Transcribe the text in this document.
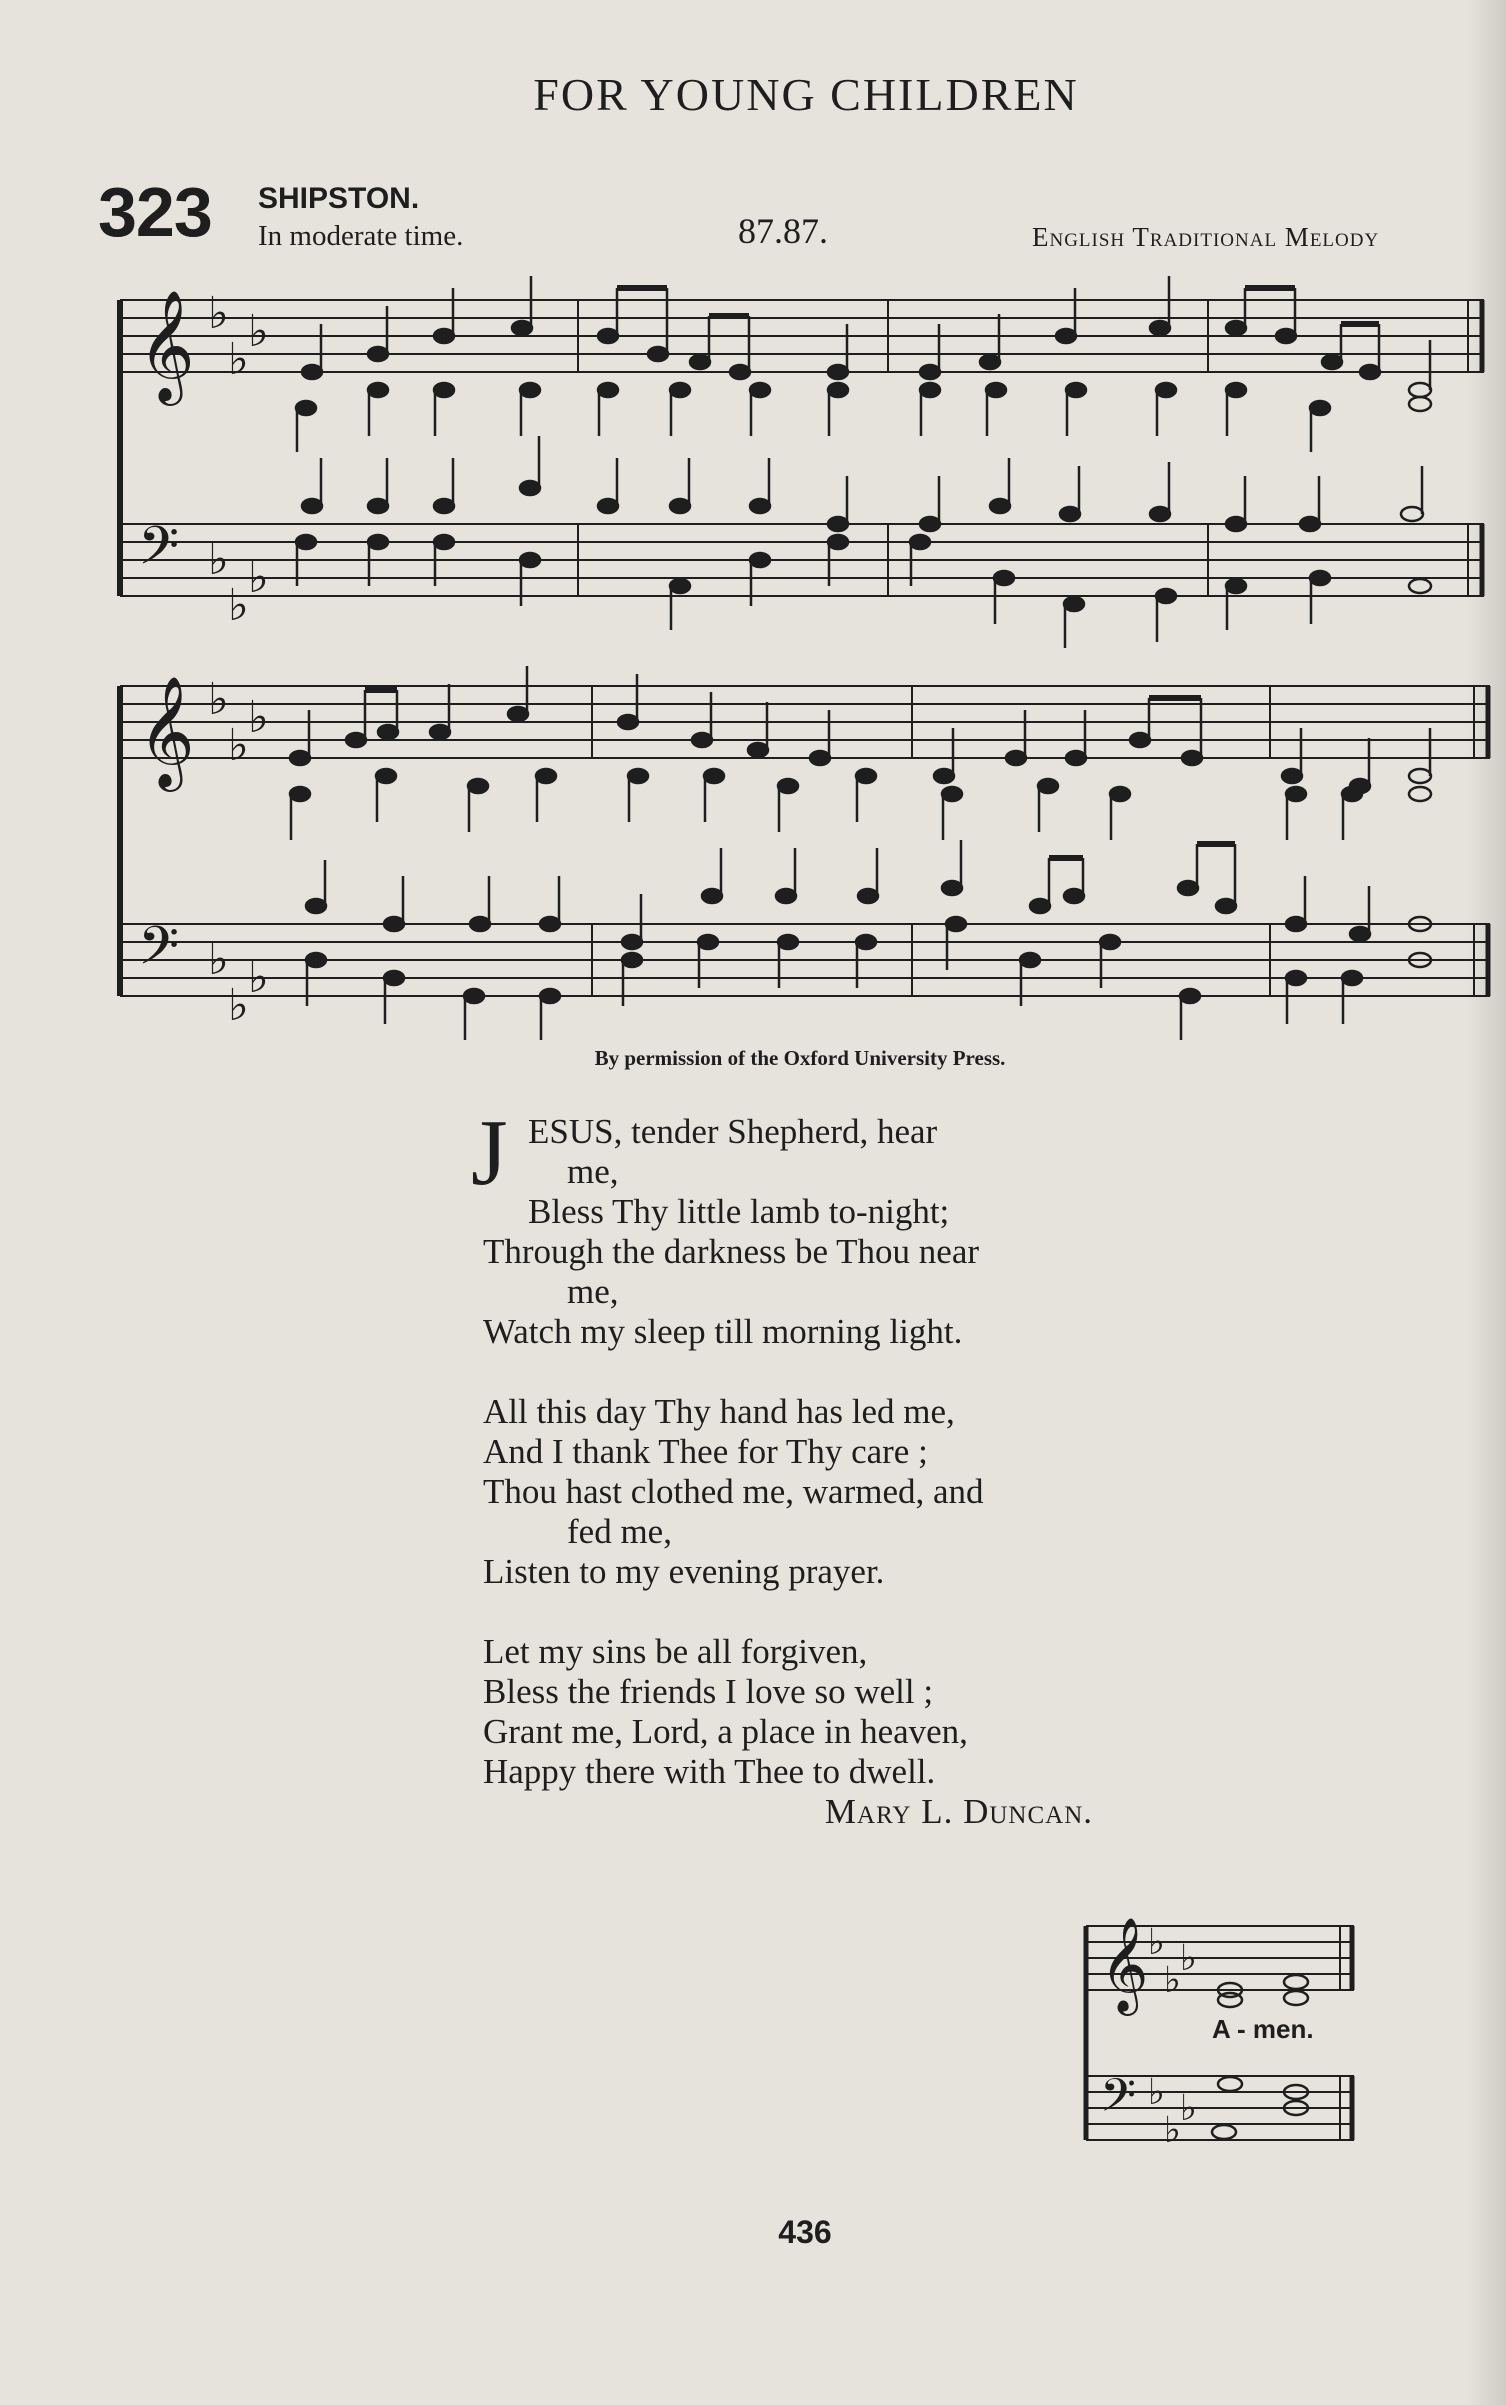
FOR YOUNG CHILDREN
323 SHIPSTON.
In moderate time.	87.87.	English Traditional Melody
𝄞
𝄢
𝄞
𝄢
𝄞
𝄢
♭
♭
♭
♭
♭
♭
♭
♭
♭
♭
♭
♭
♭
♭
♭
♭
♭
♭
By permission of the Oxford University Press.
J ESUS, tender Shepherd, hear
me,
Bless Thy little lamb to-night;
Through the darkness be Thou near
me,
Watch my sleep till morning light.
All this day Thy hand has led me,
And I thank Thee for Thy care ;
Thou hast clothed me, warmed, and
fed me,
Listen to my evening prayer.
Let my sins be all forgiven,
Bless the friends I love so well ;
Grant me, Lord, a place in heaven,
Happy there with Thee to dwell.
Mary L. Duncan.
A - men.
436
